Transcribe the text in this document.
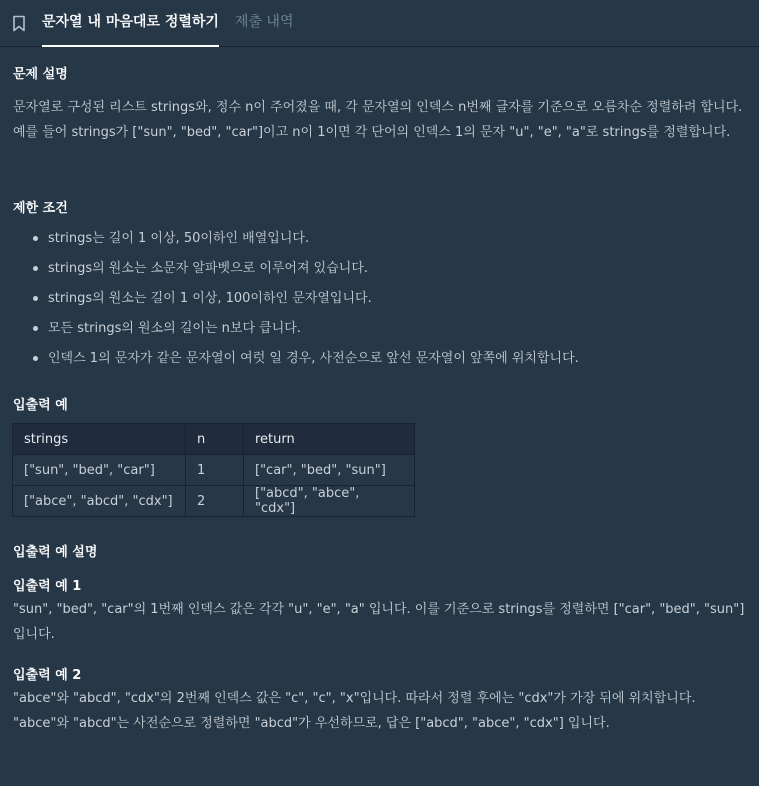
문자열 내 마음대로 정렬하기 제출 내역
문제 설명

문자열로 구성된 리스트 strings와, 정수 n이 주어졌을 때, 각 문자열의 인덱스 n번째 글자를 기준으로 오름차순 정렬하려 합니다. 예를 들어 strings가 ["sun", "bed", "car"]이고 n이 1이면 각 단어의 인덱스 1의 문자 "u", "e", "a"로 strings를 정렬합니다.

제한 조건
strings는 길이 1 이상, 50이하인 배열입니다.
strings의 원소는 소문자 알파벳으로 이루어져 있습니다.
strings의 원소는 길이 1 이상, 100이하인 문자열입니다.
모든 strings의 원소의 길이는 n보다 큽니다.
인덱스 1의 문자가 같은 문자열이 여럿 일 경우, 사전순으로 앞선 문자열이 앞쪽에 위치합니다.
입출력 예
strings	n	return
["sun", "bed", "car"]	1	["car", "bed", "sun"]
["abce", "abcd", "cdx"]	2	["abcd", "abce", "cdx"]
입출력 예 설명
입출력 예 1

"sun", "bed", "car"의 1번째 인덱스 값은 각각 "u", "e", "a" 입니다. 이를 기준으로 strings를 정렬하면 ["car", "bed", "sun"] 입니다.

입출력 예 2

"abce"와 "abcd", "cdx"의 2번째 인덱스 값은 "c", "c", "x"입니다. 따라서 정렬 후에는 "cdx"가 가장 뒤에 위치합니다.

"abce"와 "abcd"는 사전순으로 정렬하면 "abcd"가 우선하므로, 답은 ["abcd", "abce", "cdx"] 입니다.
